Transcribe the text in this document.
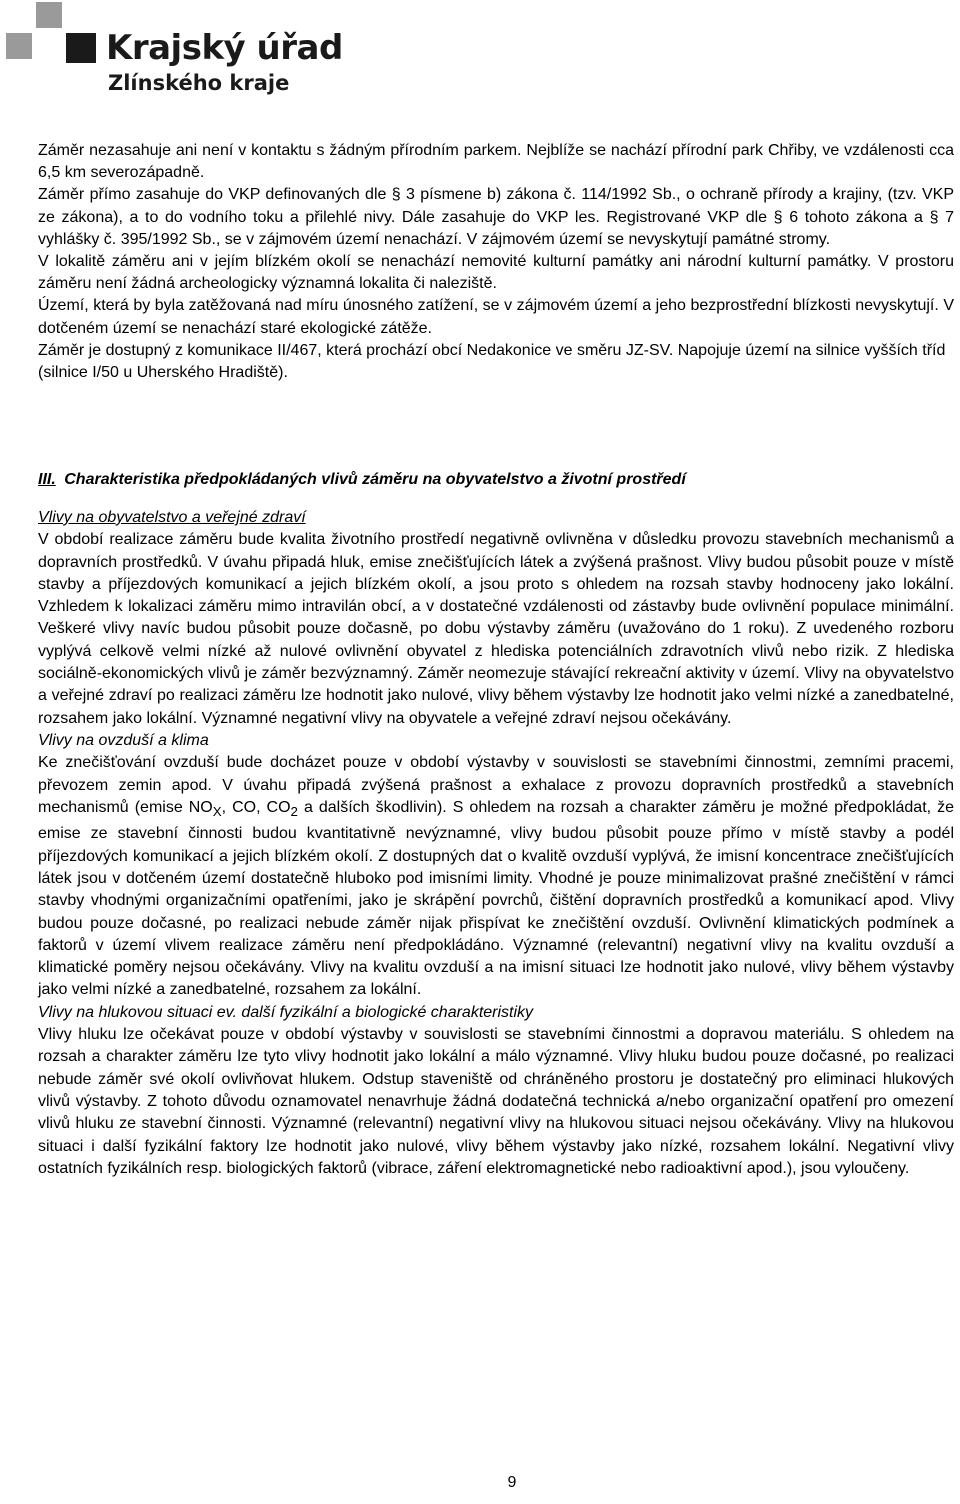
Krajský úřad
Zlínského kraje

Záměr nezasahuje ani není v kontaktu s žádným přírodním parkem. Nejblíže se nachází přírodní park Chřiby, ve vzdálenosti cca 6,5 km severozápadně.

Záměr přímo zasahuje do VKP definovaných dle § 3 písmene b) zákona č. 114/1992 Sb., o ochraně přírody a krajiny, (tzv. VKP ze zákona), a to do vodního toku a přilehlé nivy. Dále zasahuje do VKP les. Registrované VKP dle § 6 tohoto zákona a § 7 vyhlášky č. 395/1992 Sb., se v zájmovém území nenachází. V zájmovém území se nevyskytují památné stromy.

V lokalitě záměru ani v jejím blízkém okolí se nenachází nemovité kulturní památky ani národní kulturní památky. V prostoru záměru není žádná archeologicky významná lokalita či naleziště.

Území, která by byla zatěžovaná nad míru únosného zatížení, se v zájmovém území a jeho bezprostřední blízkosti nevyskytují. V dotčeném území se nenachází staré ekologické zátěže.

Záměr je dostupný z komunikace II/467, která prochází obcí Nedakonice ve směru JZ-SV. Napojuje území na silnice vyšších tříd (silnice I/50 u Uherského Hradiště).

III. Charakteristika předpokládaných vlivů záměru na obyvatelstvo a životní prostředí

Vlivy na obyvatelstvo a veřejné zdraví

V období realizace záměru bude kvalita životního prostředí negativně ovlivněna v důsledku provozu stavebních mechanismů a dopravních prostředků. V úvahu připadá hluk, emise znečišťujících látek a zvýšená prašnost. Vlivy budou působit pouze v místě stavby a příjezdových komunikací a jejich blízkém okolí, a jsou proto s ohledem na rozsah stavby hodnoceny jako lokální. Vzhledem k lokalizaci záměru mimo intravilán obcí, a v dostatečné vzdálenosti od zástavby bude ovlivnění populace minimální. Veškeré vlivy navíc budou působit pouze dočasně, po dobu výstavby záměru (uvažováno do 1 roku). Z uvedeného rozboru vyplývá celkově velmi nízké až nulové ovlivnění obyvatel z hlediska potenciálních zdravotních vlivů nebo rizik. Z hlediska sociálně-ekonomických vlivů je záměr bezvýznamný. Záměr neomezuje stávající rekreační aktivity v území. Vlivy na obyvatelstvo a veřejné zdraví po realizaci záměru lze hodnotit jako nulové, vlivy během výstavby lze hodnotit jako velmi nízké a zanedbatelné, rozsahem jako lokální. Významné negativní vlivy na obyvatele a veřejné zdraví nejsou očekávány.

Vlivy na ovzduší a klima

Ke znečišťování ovzduší bude docházet pouze v období výstavby v souvislosti se stavebními činnostmi, zemními pracemi, převozem zemin apod. V úvahu připadá zvýšená prašnost a exhalace z provozu dopravních prostředků a stavebních mechanismů (emise $NO_X$, CO, $CO_2$ a dalších škodlivin). S ohledem na rozsah a charakter záměru je možné předpokládat, že emise ze stavební činnosti budou kvantitativně nevýznamné, vlivy budou působit pouze přímo v místě stavby a podél příjezdových komunikací a jejich blízkém okolí. Z dostupných dat o kvalitě ovzduší vyplývá, že imisní koncentrace znečišťujících látek jsou v dotčeném území dostatečně hluboko pod imisními limity. Vhodné je pouze minimalizovat prašné znečištění v rámci stavby vhodnými organizačními opatřeními, jako je skrápění povrchů, čištění dopravních prostředků a komunikací apod. Vlivy budou pouze dočasné, po realizaci nebude záměr nijak přispívat ke znečištění ovzduší. Ovlivnění klimatických podmínek a faktorů v území vlivem realizace záměru není předpokládáno. Významné (relevantní) negativní vlivy na kvalitu ovzduší a klimatické poměry nejsou očekávány. Vlivy na kvalitu ovzduší a na imisní situaci lze hodnotit jako nulové, vlivy během výstavby jako velmi nízké a zanedbatelné, rozsahem za lokální.

Vlivy na hlukovou situaci ev. další fyzikální a biologické charakteristiky

Vlivy hluku lze očekávat pouze v období výstavby v souvislosti se stavebními činnostmi a dopravou materiálu. S ohledem na rozsah a charakter záměru lze tyto vlivy hodnotit jako lokální a málo významné. Vlivy hluku budou pouze dočasné, po realizaci nebude záměr své okolí ovlivňovat hlukem. Odstup staveniště od chráněného prostoru je dostatečný pro eliminaci hlukových vlivů výstavby. Z tohoto důvodu oznamovatel nenavrhuje žádná dodatečná technická a/nebo organizační opatření pro omezení vlivů hluku ze stavební činnosti. Významné (relevantní) negativní vlivy na hlukovou situaci nejsou očekávány. Vlivy na hlukovou situaci i další fyzikální faktory lze hodnotit jako nulové, vlivy během výstavby jako nízké, rozsahem lokální. Negativní vlivy ostatních fyzikálních resp. biologických faktorů (vibrace, záření elektromagnetické nebo radioaktivní apod.), jsou vyloučeny.

9
